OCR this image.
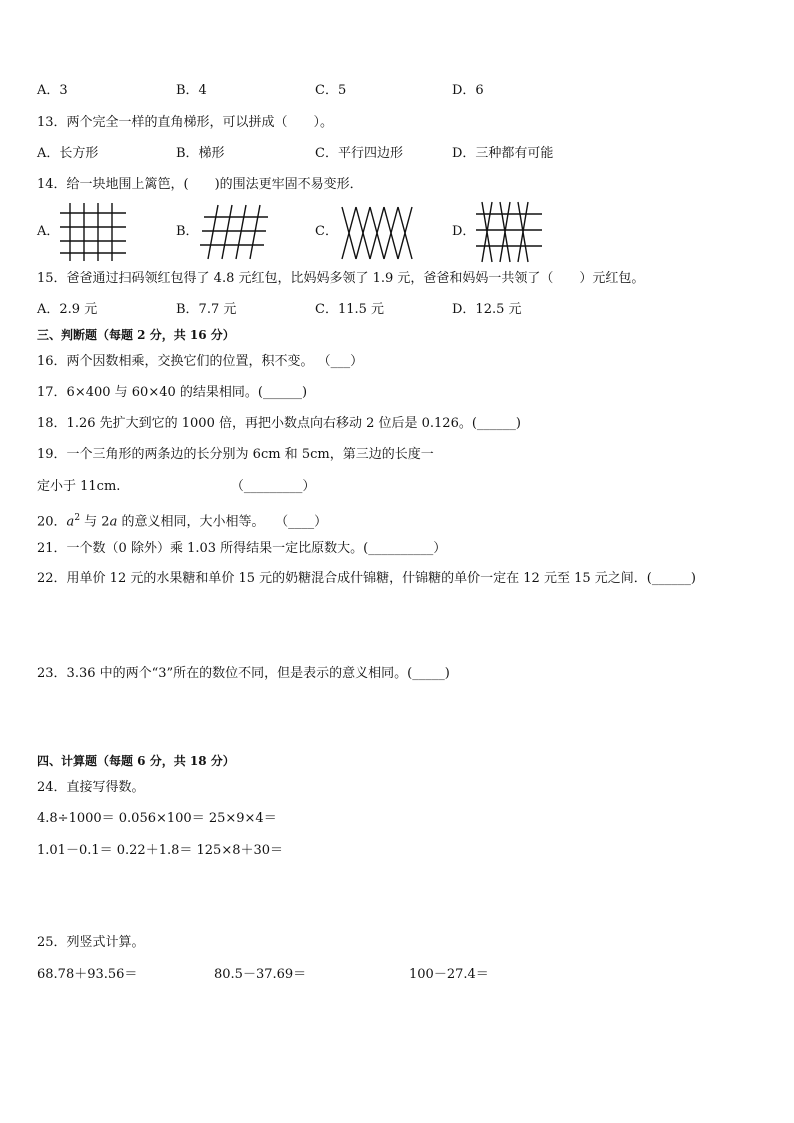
A．3	B．4	C．5	D．6
13．两个完全一样的直角梯形，可以拼成（　　）。
A．长方形	B．梯形	C．平行四边形	D．三种都有可能
14．给一块地围上篱笆，(　　)的围法更牢固不易变形．
A．	B．	C．	D．
15．爸爸通过扫码领红包得了 4.8 元红包，比妈妈多领了 1.9 元，爸爸和妈妈一共领了（　　）元红包。
A．2.9 元	B．7.7 元	C．11.5 元	D．12.5 元
三、判断题（每题 2 分，共 16 分）
16．两个因数相乘，交换它们的位置，积不变。 （___）
17．6×400 与 60×40 的结果相同。(______)
18．1.26 先扩大到它的 1000 倍，再把小数点向右移动 2 位后是 0.126。(______)
19．一个三角形的两条边的长分别为 6cm 和 5cm，第三边的长度一
定小于 11cm.　　　　　　　　　（_________）
20．$a^2$ 与 2a 的意义相同，大小相等。　 （____）
21．一个数（0 除外）乘 1.03 所得结果一定比原数大。(__________）
22．用单价 12 元的水果糖和单价 15 元的奶糖混合成什锦糖，什锦糖的单价一定在 12 元至 15 元之间．(______)
23．3.36 中的两个“3”所在的数位不同，但是表示的意义相同。(_____)
四、计算题（每题 6 分，共 18 分）
24．直接写得数。
4.8÷1000＝ 0.056×100＝ 25×9×4＝
1.01－0.1＝ 0.22＋1.8＝ 125×8＋30＝
25．列竖式计算。
68.78＋93.56＝	80.5－37.69＝	100－27.4＝
